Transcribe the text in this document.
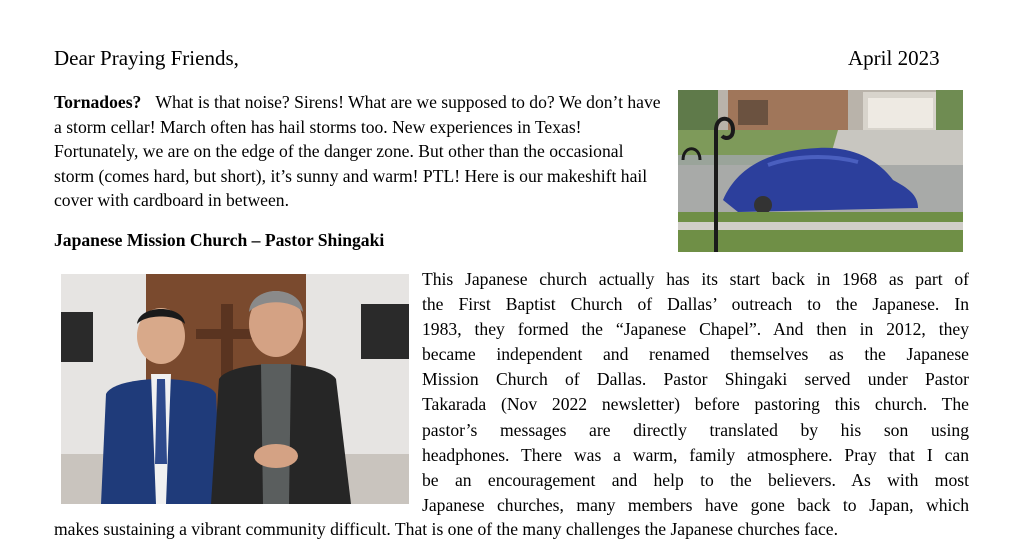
Dear Praying Friends,	April 2023
Tornadoes? What is that noise? Sirens! What are we supposed to do? We don’t have a storm cellar! March often has hail storms too. New experiences in Texas! Fortunately, we are on the edge of the danger zone. But other than the occasional storm (comes hard, but short), it’s sunny and warm! PTL! Here is our makeshift hail cover with cardboard in between.
Japanese Mission Church – Pastor Shingaki
This Japanese church actually has its start back in 1968 as part of
the First Baptist Church of Dallas’ outreach to the Japanese. In
1983, they formed the “Japanese Chapel”. And then in 2012, they
became independent and renamed themselves as the Japanese
Mission Church of Dallas. Pastor Shingaki served under Pastor
Takarada (Nov 2022 newsletter) before pastoring this church. The
pastor’s messages are directly translated by his son using
headphones. There was a warm, family atmosphere. Pray that I can
be an encouragement and help to the believers. As with most
Japanese churches, many members have gone back to Japan, which
makes sustaining a vibrant community difficult. That is one of the many challenges the Japanese churches face.
